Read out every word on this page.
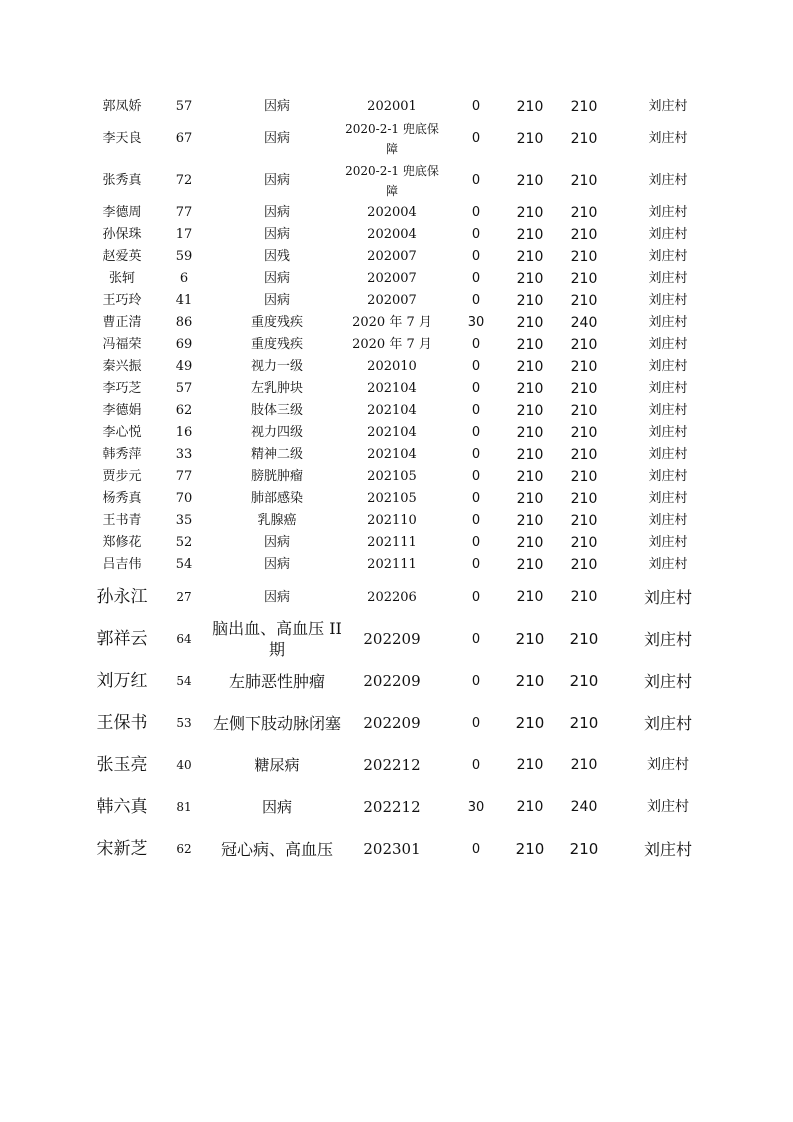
郭凤娇	57	因病	202001	0	210	210	刘庄村
李天良	67	因病	2020-2-1 兜底保障	0	210	210	刘庄村
张秀真	72	因病	2020-2-1 兜底保障	0	210	210	刘庄村
李德周	77	因病	202004	0	210	210	刘庄村
孙保珠	17	因病	202004	0	210	210	刘庄村
赵爱英	59	因残	202007	0	210	210	刘庄村
张轲	6	因病	202007	0	210	210	刘庄村
王巧玲	41	因病	202007	0	210	210	刘庄村
曹正清	86	重度残疾	2020 年 7 月	30	210	240	刘庄村
冯福荣	69	重度残疾	2020 年 7 月	0	210	210	刘庄村
秦兴振	49	视力一级	202010	0	210	210	刘庄村
李巧芝	57	左乳肿块	202104	0	210	210	刘庄村
李德娟	62	肢体三级	202104	0	210	210	刘庄村
李心悦	16	视力四级	202104	0	210	210	刘庄村
韩秀萍	33	精神二级	202104	0	210	210	刘庄村
贾步元	77	膀胱肿瘤	202105	0	210	210	刘庄村
杨秀真	70	肺部感染	202105	0	210	210	刘庄村
王书青	35	乳腺癌	202110	0	210	210	刘庄村
郑修花	52	因病	202111	0	210	210	刘庄村
吕吉伟	54	因病	202111	0	210	210	刘庄村
孙永江	27	因病	202206	0	210	210	刘庄村
郭祥云	64	脑出血、高血压 II 期	202209	0	210	210	刘庄村
刘万红	54	左肺恶性肿瘤	202209	0	210	210	刘庄村
王保书	53	左侧下肢动脉闭塞	202209	0	210	210	刘庄村
张玉亮	40	糖尿病	202212	0	210	210	刘庄村
韩六真	81	因病	202212	30	210	240	刘庄村
宋新芝	62	冠心病、高血压	202301	0	210	210	刘庄村
